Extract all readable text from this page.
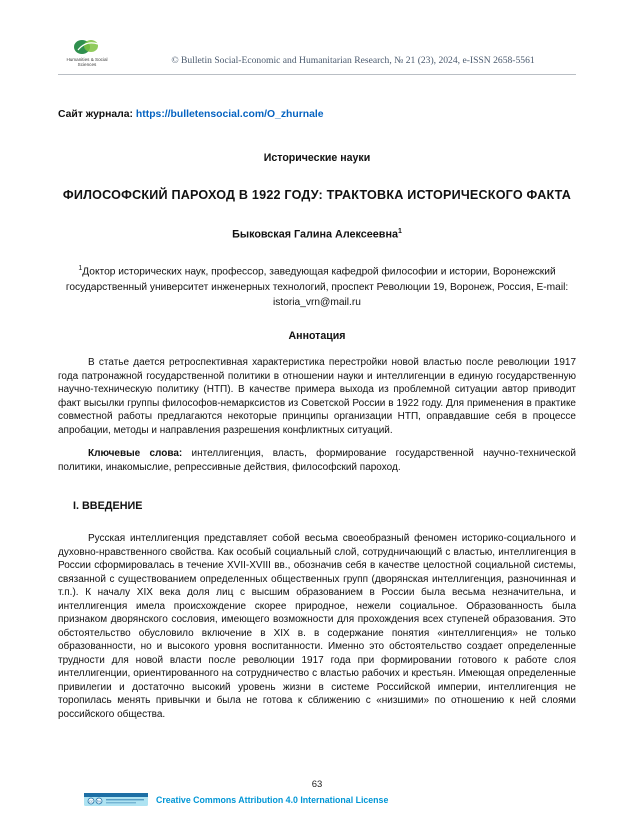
Humanities & Social Sciences	© Bulletin Social-Economic and Humanitarian Research, № 21 (23), 2024, e-ISSN 2658-5561
Сайт журнала: https://bulletensocial.com/O_zhurnale
Исторические науки
ФИЛОСОФСКИЙ ПАРОХОД В 1922 ГОДУ: ТРАКТОВКА ИСТОРИЧЕСКОГО ФАКТА
Быковская Галина Алексеевна$^1$
$^1$Доктор исторических наук, профессор, заведующая кафедрой философии и истории, Воронежский государственный университет инженерных технологий, проспект Революции 19, Воронеж, Россия, E-mail: istoria_vrn@mail.ru
Аннотация
В статье дается ретроспективная характеристика перестройки новой властью после революции 1917 года патронажной государственной политики в отношении науки и интеллигенции в единую государственную научно-техническую политику (НТП). В качестве примера выхода из проблемной ситуации автор приводит факт высылки группы философов-немарксистов из Советской России в 1922 году. Для применения в практике совместной работы предлагаются некоторые принципы организации НТП, оправдавшие себя в процессе апробации, методы и направления разрешения конфликтных ситуаций.
Ключевые слова: интеллигенция, власть, формирование государственной научно-технической политики, инакомыслие, репрессивные действия, философский пароход.
I. ВВЕДЕНИЕ
Русская интеллигенция представляет собой весьма своеобразный феномен историко-социального и духовно-нравственного свойства. Как особый социальный слой, сотрудничающий с властью, интеллигенция в России сформировалась в течение XVII-XVIII вв., обозначив себя в качестве целостной социальной системы, связанной с существованием определенных общественных групп (дворянская интеллигенция, разночинная и т.п.). К началу XIX века доля лиц с высшим образованием в России была весьма незначительна, и интеллигенция имела происхождение скорее природное, нежели социальное. Образованность была признаком дворянского сословия, имеющего возможности для прохождения всех ступеней образования. Это обстоятельство обусловило включение в XIX в. в содержание понятия «интеллигенция» не только образованности, но и высокого уровня воспитанности. Именно это обстоятельство создает определенные трудности для новой власти после революции 1917 года при формировании готового к работе слоя интеллигенции, ориентированного на сотрудничество с властью рабочих и крестьян. Имеющая определенные привилегии и достаточно высокий уровень жизни в системе Российской империи, интеллигенция не торопилась менять привычки и была не готова к сближению с «низшими» по отношению к ней слоями российского общества.
63
cc by	Creative Commons Attribution 4.0 International License
